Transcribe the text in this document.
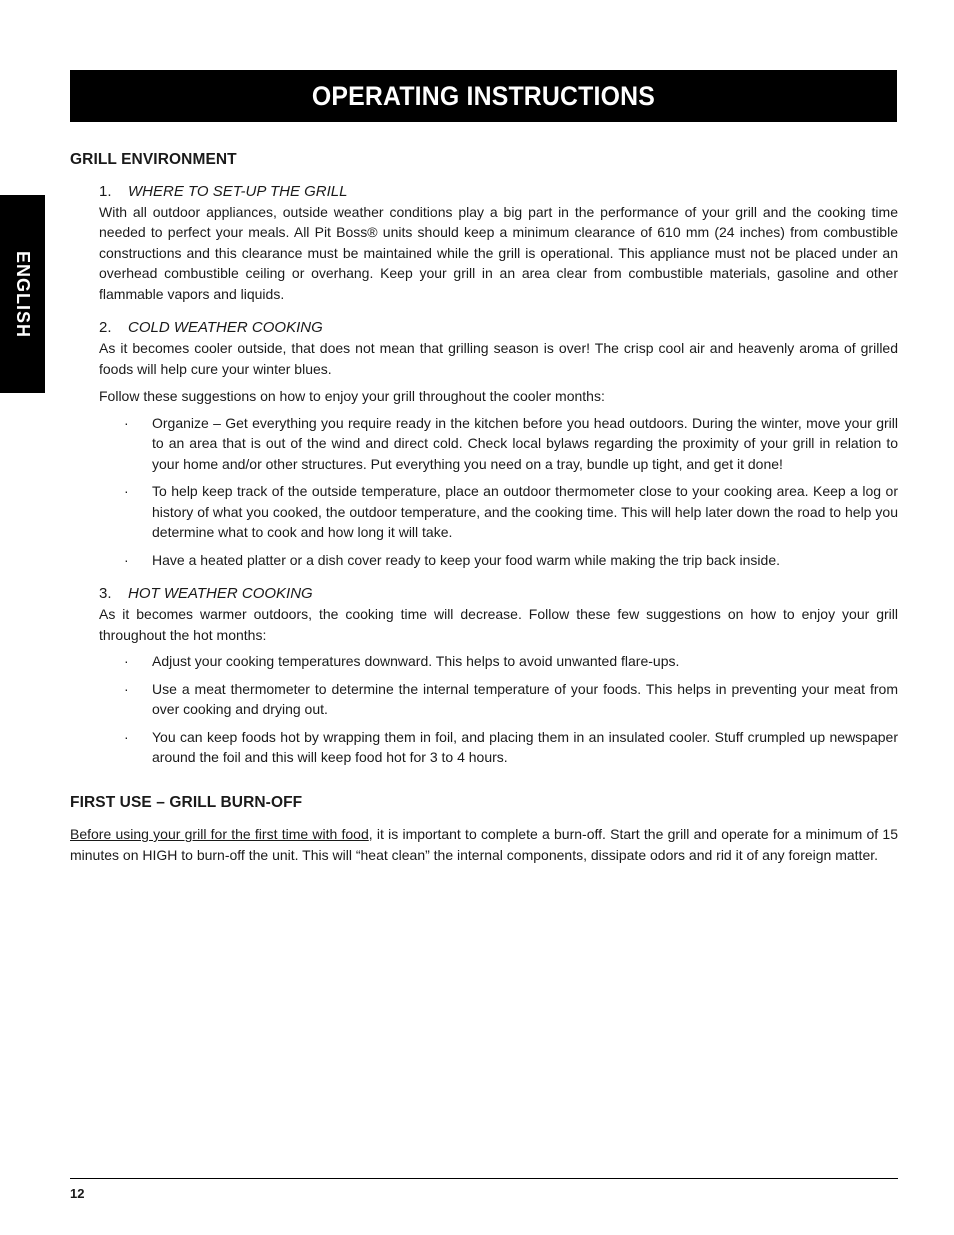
OPERATING INSTRUCTIONS
ENGLISH
GRILL ENVIRONMENT
1.	WHERE TO SET-UP THE GRILL

With all outdoor appliances, outside weather conditions play a big part in the performance of your grill and the cooking time needed to perfect your meals. All Pit Boss® units should keep a minimum clearance of 610 mm (24 inches) from combustible constructions and this clearance must be maintained while the grill is operational. This appliance must not be placed under an overhead combustible ceiling or overhang. Keep your grill in an area clear from combustible materials, gasoline and other flammable vapors and liquids.

2.	COLD WEATHER COOKING

As it becomes cooler outside, that does not mean that grilling season is over! The crisp cool air and heavenly aroma of grilled foods will help cure your winter blues.

Follow these suggestions on how to enjoy your grill throughout the cooler months:

· Organize – Get everything you require ready in the kitchen before you head outdoors. During the winter, move your grill to an area that is out of the wind and direct cold. Check local bylaws regarding the proximity of your grill in relation to your home and/or other structures. Put everything you need on a tray, bundle up tight, and get it done!
· To help keep track of the outside temperature, place an outdoor thermometer close to your cooking area. Keep a log or history of what you cooked, the outdoor temperature, and the cooking time. This will help later down the road to help you determine what to cook and how long it will take.
· Have a heated platter or a dish cover ready to keep your food warm while making the trip back inside.
3.	HOT WEATHER COOKING

As it becomes warmer outdoors, the cooking time will decrease. Follow these few suggestions on how to enjoy your grill throughout the hot months:

· Adjust your cooking temperatures downward. This helps to avoid unwanted flare-ups.
· Use a meat thermometer to determine the internal temperature of your foods. This helps in preventing your meat from over cooking and drying out.
· You can keep foods hot by wrapping them in foil, and placing them in an insulated cooler. Stuff crumpled up newspaper around the foil and this will keep food hot for 3 to 4 hours.
FIRST USE – GRILL BURN-OFF

Before using your grill for the first time with food, it is important to complete a burn-off. Start the grill and operate for a minimum of 15 minutes on HIGH to burn-off the unit. This will “heat clean” the internal components, dissipate odors and rid it of any foreign matter.

12
